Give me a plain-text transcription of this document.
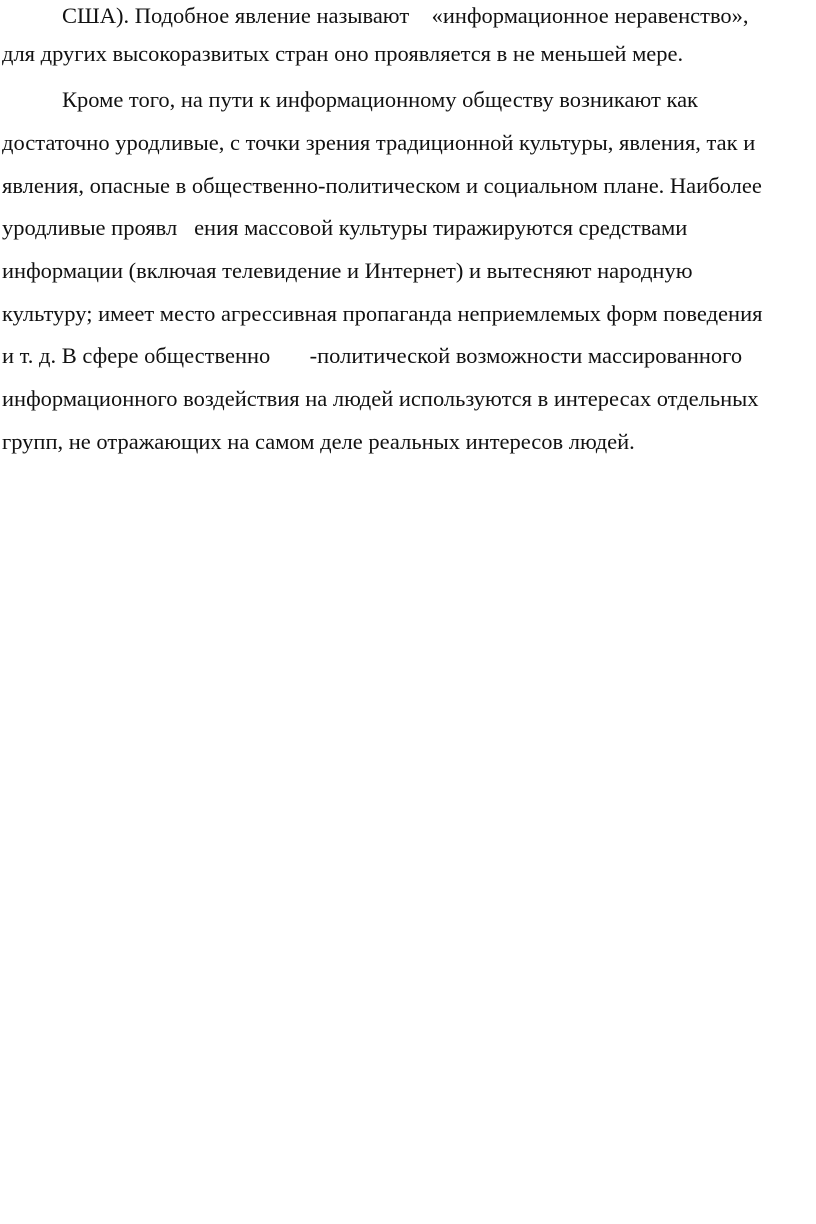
США). Подобное явление называют    «информационное неравенство»,

для других высокоразвитых стран оно проявляется в не меньшей мере.

Кроме того, на пути к информационному обществу возникают как

достаточно уродливые, с точки зрения традиционной культуры, явления, так и

явления, опасные в общественно-политическом и социальном плане. Наиболее

уродливые проявл   ения массовой культуры тиражируются средствами

информации (включая телевидение и Интернет) и вытесняют народную

культуру; имеет место агрессивная пропаганда неприемлемых форм поведения

и т. д. В сфере общественно       -политической возможности массированного

информационного воздействия на людей используются в интересах отдельных

групп, не отражающих на самом деле реальных интересов людей.
